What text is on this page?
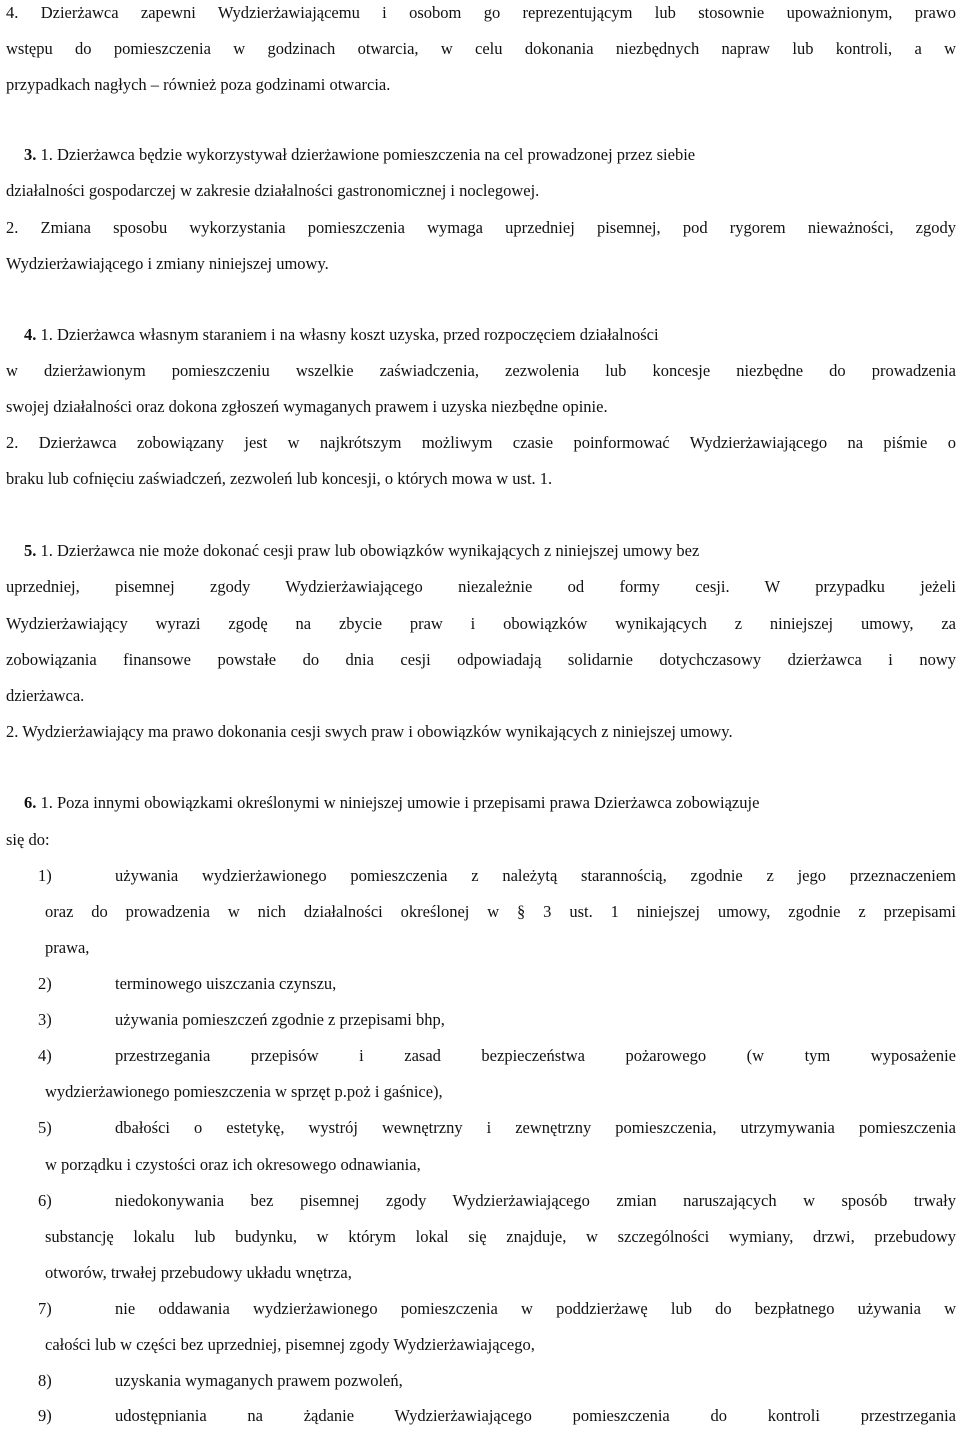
4. Dzierżawca zapewni Wydzierżawiającemu i osobom go reprezentującym lub stosownie upoważnionym, prawo
wstępu do pomieszczenia w godzinach otwarcia, w celu dokonania niezbędnych napraw lub kontroli, a w
przypadkach nagłych – również poza godzinami otwarcia.
3. 1. Dzierżawca będzie wykorzystywał dzierżawione pomieszczenia na cel prowadzonej przez siebie
działalności gospodarczej w zakresie działalności gastronomicznej i noclegowej.
2. Zmiana sposobu wykorzystania pomieszczenia wymaga uprzedniej pisemnej, pod rygorem nieważności, zgody
Wydzierżawiającego i zmiany niniejszej umowy.
4. 1. Dzierżawca własnym staraniem i na własny koszt uzyska, przed rozpoczęciem działalności
w dzierżawionym pomieszczeniu wszelkie zaświadczenia, zezwolenia lub koncesje niezbędne do prowadzenia
swojej działalności oraz dokona zgłoszeń wymaganych prawem i uzyska niezbędne opinie.
2. Dzierżawca zobowiązany jest w najkrótszym możliwym czasie poinformować Wydzierżawiającego na piśmie o
braku lub cofnięciu zaświadczeń, zezwoleń lub koncesji, o których mowa w ust. 1.
5. 1. Dzierżawca nie może dokonać cesji praw lub obowiązków wynikających z niniejszej umowy bez
uprzedniej, pisemnej zgody Wydzierżawiającego niezależnie od formy cesji. W przypadku jeżeli
Wydzierżawiający wyrazi zgodę na zbycie praw i obowiązków wynikających z niniejszej umowy, za
zobowiązania finansowe powstałe do dnia cesji odpowiadają solidarnie dotychczasowy dzierżawca i nowy
dzierżawca.
2. Wydzierżawiający ma prawo dokonania cesji swych praw i obowiązków wynikających z niniejszej umowy.
6. 1. Poza innymi obowiązkami określonymi w niniejszej umowie i przepisami prawa Dzierżawca zobowiązuje
się do:
1)	używania wydzierżawionego pomieszczenia z należytą starannością, zgodnie z jego przeznaczeniem
oraz do prowadzenia w nich działalności określonej w § 3 ust. 1 niniejszej umowy, zgodnie z przepisami
prawa,
2)	terminowego uiszczania czynszu,
3)	używania pomieszczeń zgodnie z przepisami bhp,
4)	przestrzegania przepisów i zasad bezpieczeństwa pożarowego (w tym wyposażenie
wydzierżawionego pomieszczenia w sprzęt p.poż i gaśnice),
5)	dbałości o estetykę, wystrój wewnętrzny i zewnętrzny pomieszczenia, utrzymywania pomieszczenia
w porządku i czystości oraz ich okresowego odnawiania,
6)	niedokonywania bez pisemnej zgody Wydzierżawiającego zmian naruszających w sposób trwały
substancję lokalu lub budynku, w którym lokal się znajduje, w szczególności wymiany, drzwi, przebudowy
otworów, trwałej przebudowy układu wnętrza,
7)	nie oddawania wydzierżawionego pomieszczenia w poddzierżawę lub do bezpłatnego używania w
całości lub w części bez uprzedniej, pisemnej zgody Wydzierżawiającego,
8)	uzyskania wymaganych prawem pozwoleń,
9)	udostępniania na żądanie Wydzierżawiającego pomieszczenia do kontroli przestrzegania
